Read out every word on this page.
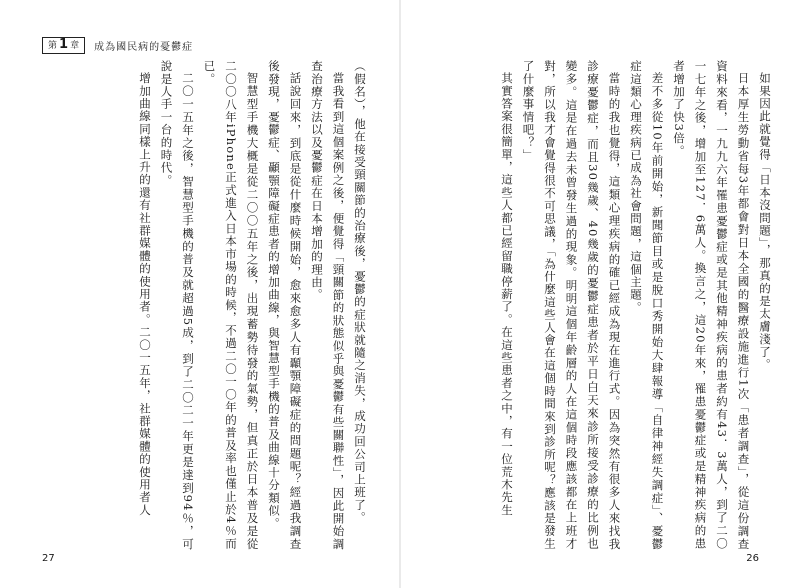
第 1 章 成為國民病的憂鬱症

（假名），他在接受頸關節的治療後，憂鬱的症狀就隨之消失，成功回公司上班了。

當我看到這個案例之後，便覺得「頸關節的狀態似乎與憂鬱有些關聯性」，因此開始調查治療方法以及憂鬱症在日本增加的理由。

話說回來，到底是從什麼時候開始，愈來愈多人有顳顎障礙症的問題呢？經過我調查後發現，憂鬱症、顳顎障礙症患者的增加曲線，與智慧型手機的普及曲線十分類似。

智慧型手機大概是從二〇〇五年之後，出現蓄勢待發的氣勢，但真正於日本普及是從二〇〇八年iPhone正式進入日本市場的時候，不過二〇一〇年的普及率也僅止於4％而已。

二〇一五年之後，智慧型手機的普及就超過5成，到了二〇二一年更是達到94％，可說是人手一台的時代。

增加曲線同樣上升的還有社群媒體的使用者。二〇一五年，社群媒體的使用者人

27

如果因此就覺得「日本沒問題」，那真的是太膚淺了。

日本厚生勞動省每3年都會對日本全國的醫療設施進行1次「患者調查」，從這份調查資料來看，一九九六年罹患憂鬱症或是其他精神疾病的患者約有43．3萬人，到了二〇一七年之後，增加至127．6萬人。換言之，這20年來，罹患憂鬱症或是精神疾病的患者增加了快3倍。

差不多從10年前開始，新聞節目或是脫口秀開始大肆報導「自律神經失調症」、憂鬱症這類心理疾病已成為社會問題，這個主題。

當時的我也覺得，這類心理疾病的確已經成為現在進行式。因為突然有很多人來找我診療憂鬱症，而且30幾歲、40幾歲的憂鬱症患者於平日白天來診所接受診療的比例也變多。這是在過去未曾發生過的現象。明明這個年齡層的人在這個時段應該都在上班才對，所以我才會覺得很不可思議，「為什麼這些人會在這個時間來到診所呢？應該是發生了什麼事情吧？」

其實答案很簡單，這些人都已經留職停薪了。在這些患者之中，有一位荒木先生

26
